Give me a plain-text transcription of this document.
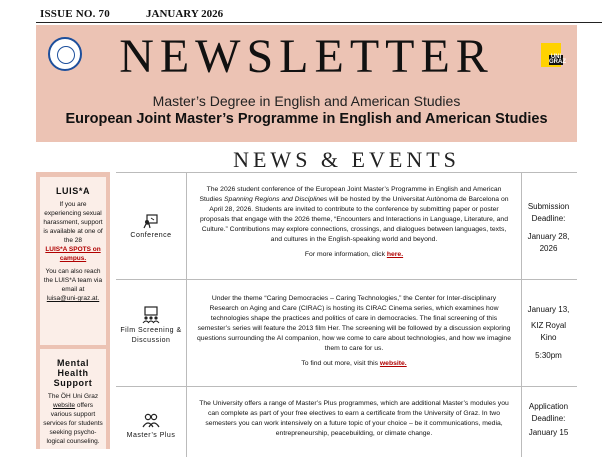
ISSUE NO. 70	JANUARY 2026
NEWSLETTER
Master’s Degree in English and American Studies
European Joint Master’s Programme in English and American Studies
UNI GRAZ
NEWS & EVENTS
LUIS*A
If you are experiencing sexual harassment, support is available at one of the 28
LUIS*A SPOTS on campus.
You can also reach the LUIS*A team via email at
luisa@uni-graz.at.
Mental Health Support
The ÖH Uni Graz website offers various support services for students seeking psycho-logical counseling.
Conference
The 2026 student conference of the European Joint Master’s Programme in English and American Studies Spanning Regions and Disciplines will be hosted by the Universitat Autònoma de Barcelona on April 28, 2026. Students are invited to contribute to the conference by submitting paper or poster proposals that engage with the 2026 theme, “Encounters and Interactions in Language, Literature, and Culture.” Contributions may explore connections, crossings, and dialogues between languages, texts, and cultures in the English-speaking world and beyond.
For more information, click here.
Submission Deadline:
January 28, 2026
Film Screening & Discussion
Under the theme “Caring Democracies – Caring Technologies,” the Center for Inter-disciplinary Research on Aging and Care (CIRAC) is hosting its CIRAC Cinema series, which examines how technologies shape the practices and politics of care in democracies. The final screening of this semester’s series will feature the 2013 film Her. The screening will be followed by a discussion exploring questions surrounding the AI companion, how we come to care about technologies, and how we imagine them to care for us.
To find out more, visit this website.
January 13,
KIZ Royal Kino
5:30pm
Master’s Plus
The University offers a range of Master’s Plus programmes, which are additional Master’s modules you can complete as part of your free electives to earn a certificate from the University of Graz. In two semesters you can work intensively on a future topic of your choice – be it communications, media, entrepreneurship, peacebuilding, or climate change.
Application Deadline:
January 15
